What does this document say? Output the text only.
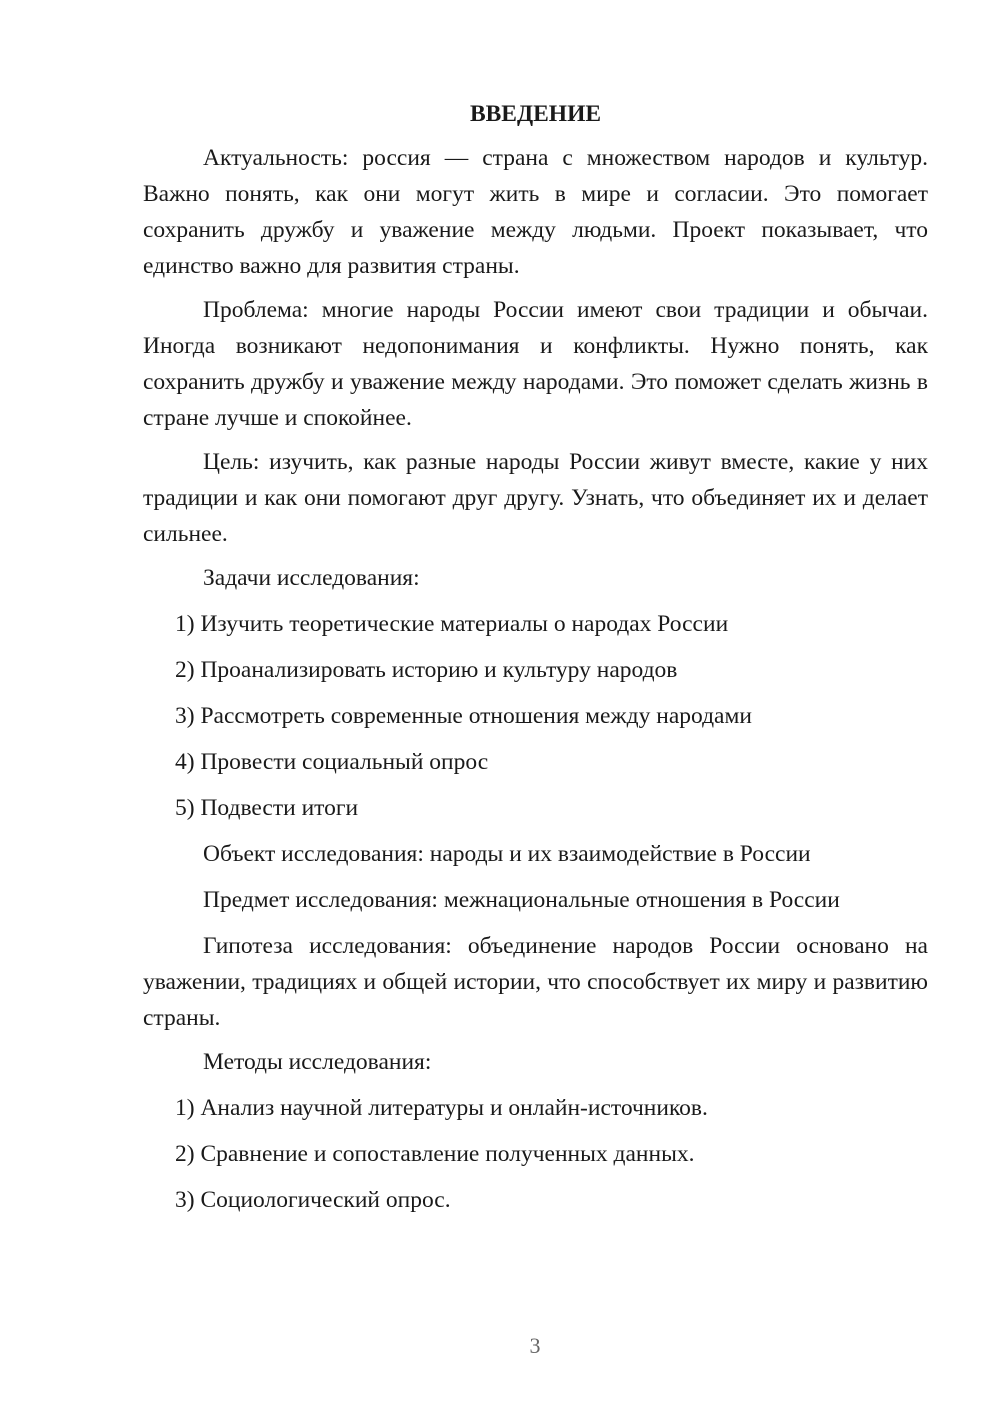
ВВЕДЕНИЕ

Актуальность: россия — страна с множеством народов и культур. Важно понять, как они могут жить в мире и согласии. Это помогает сохранить дружбу и уважение между людьми. Проект показывает, что единство важно для развития страны.

Проблема: многие народы России имеют свои традиции и обычаи. Иногда возникают недопонимания и конфликты. Нужно понять, как сохранить дружбу и уважение между народами. Это поможет сделать жизнь в стране лучше и спокойнее.

Цель: изучить, как разные народы России живут вместе, какие у них традиции и как они помогают друг другу. Узнать, что объединяет их и делает сильнее.

Задачи исследования:

1) Изучить теоретические материалы о народах России
2) Проанализировать историю и культуру народов
3) Рассмотреть современные отношения между народами
4) Провести социальный опрос
5) Подвести итоги

Объект исследования: народы и их взаимодействие в России

Предмет исследования: межнациональные отношения в России

Гипотеза исследования: объединение народов России основано на уважении, традициях и общей истории, что способствует их миру и развитию страны.

Методы исследования:

1) Анализ научной литературы и онлайн-источников.
2) Сравнение и сопоставление полученных данных.
3) Социологический опрос.
3
